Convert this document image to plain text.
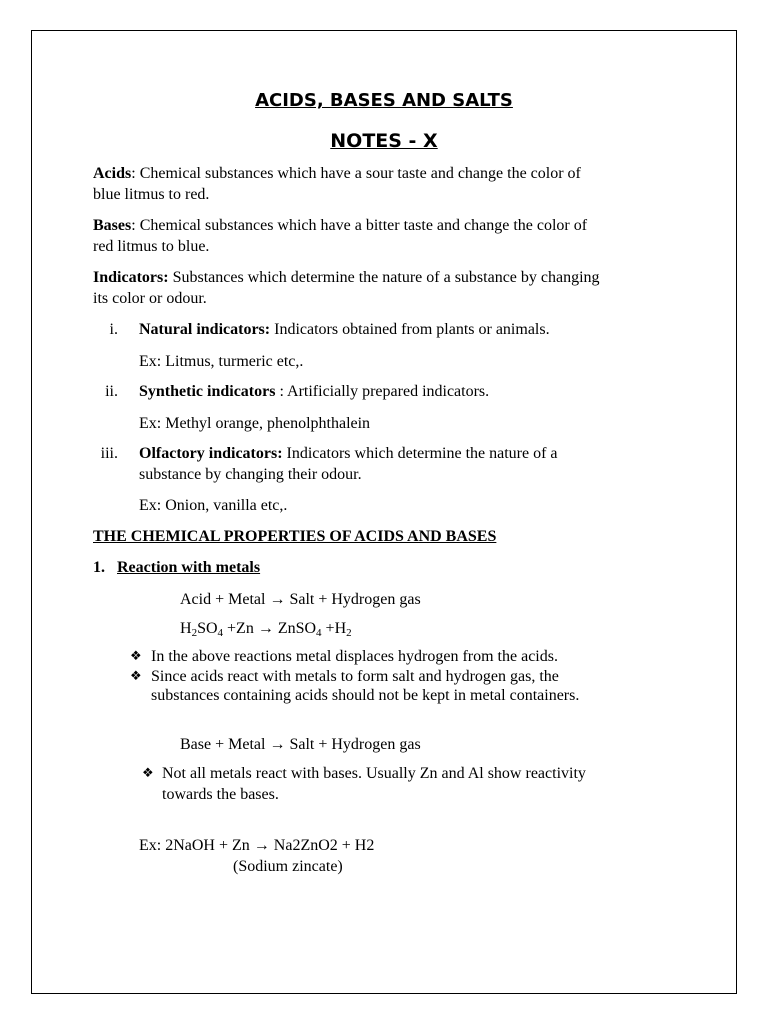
ACIDS, BASES AND SALTS
NOTES - X
Acids: Chemical substances which have a sour taste and change the color of
blue litmus to red.
Bases: Chemical substances which have a bitter taste and change the color of
red litmus to blue.
Indicators: Substances which determine the nature of a substance by changing
its color or odour.
i. Natural indicators: Indicators obtained from plants or animals.
Ex: Litmus, turmeric etc,.
ii. Synthetic indicators : Artificially prepared indicators.
Ex: Methyl orange, phenolphthalein
iii. Olfactory indicators: Indicators which determine the nature of a
substance by changing their odour.
Ex: Onion, vanilla etc,.
THE CHEMICAL PROPERTIES OF ACIDS AND BASES
1. Reaction with metals
Acid + Metal → Salt + Hydrogen gas
$H_2SO_4 +Zn$ → ZnSO$_4$ $+H_2$
❖ In the above reactions metal displaces hydrogen from the acids.
❖ Since acids react with metals to form salt and hydrogen gas, the
substances containing acids should not be kept in metal containers.
Base + Metal → Salt + Hydrogen gas
❖ Not all metals react with bases. Usually Zn and Al show reactivity
towards the bases.
Ex: 2NaOH + Zn → Na2ZnO2 + H2
(Sodium zincate)
